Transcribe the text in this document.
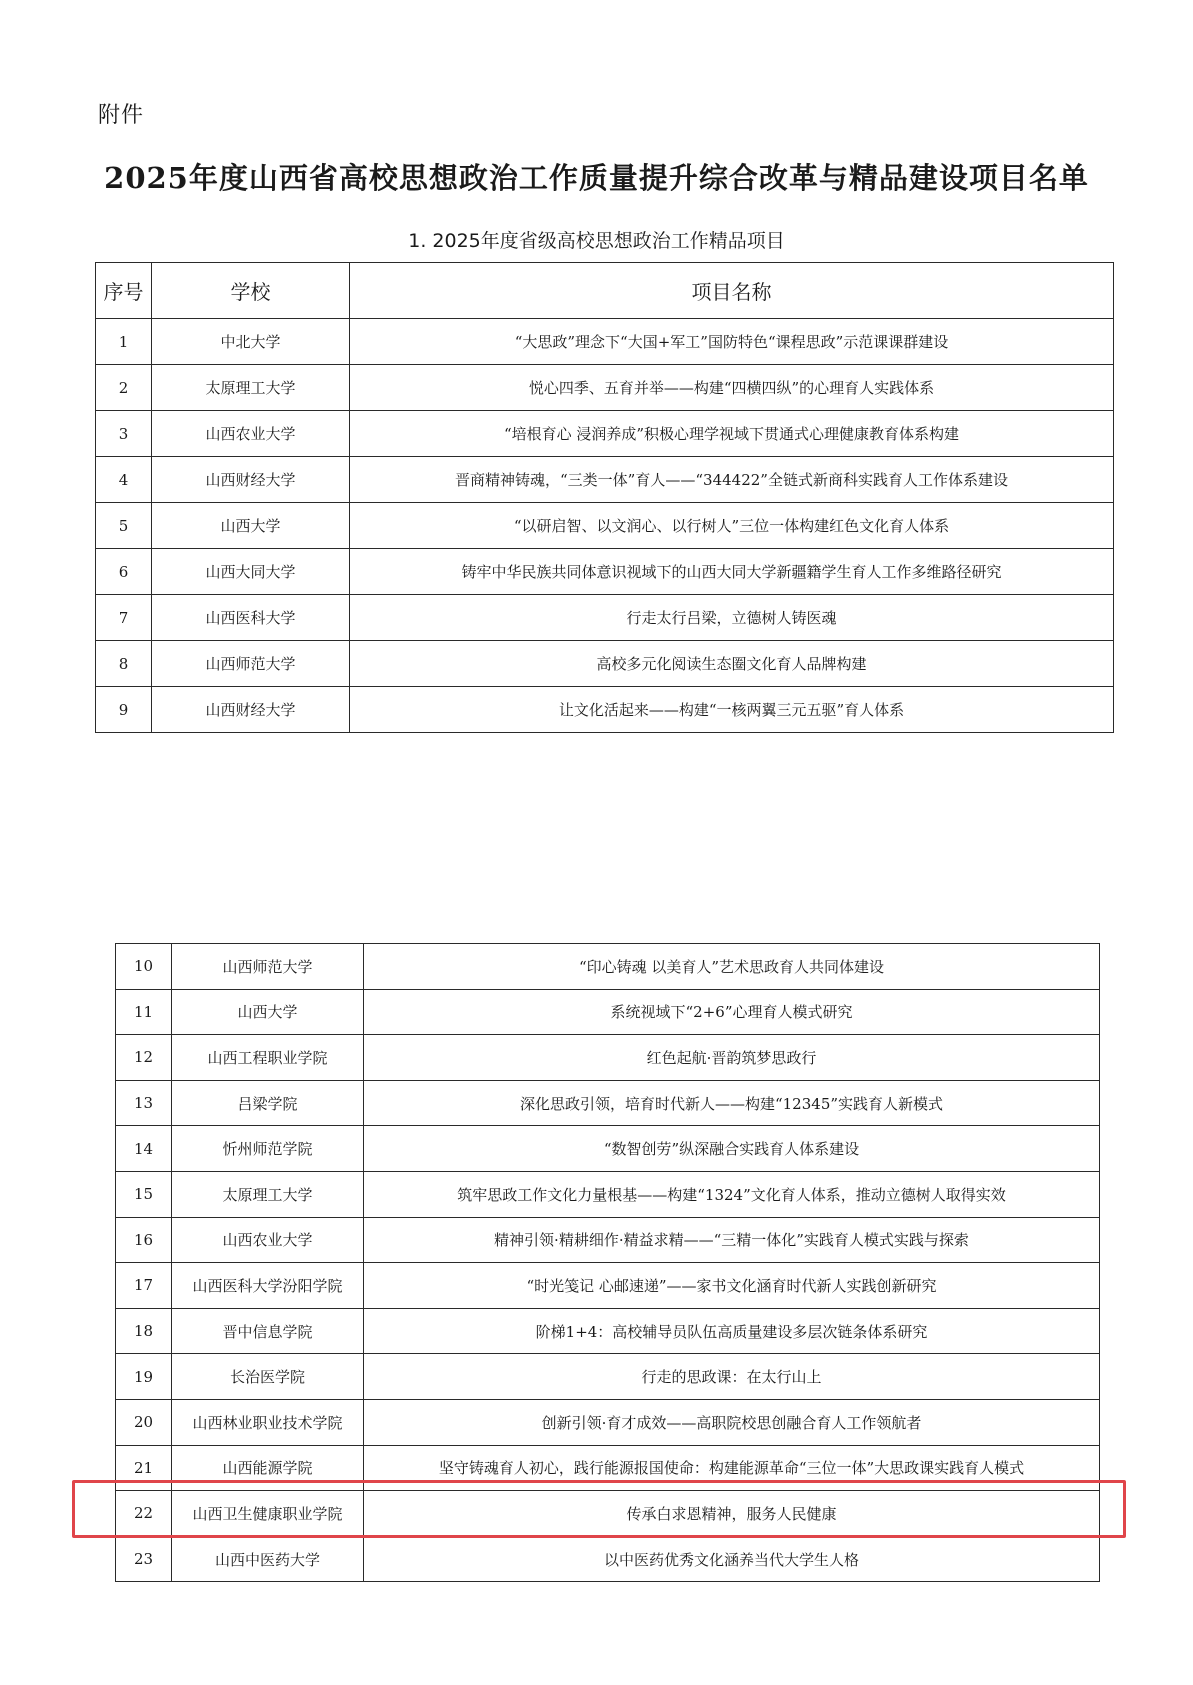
附件
2025年度山西省高校思想政治工作质量提升综合改革与精品建设项目名单
1. 2025年度省级高校思想政治工作精品项目
序号	学校	项目名称
1	中北大学	“大思政”理念下“大国+军工”国防特色“课程思政”示范课课群建设
2	太原理工大学	悦心四季、五育并举——构建“四横四纵”的心理育人实践体系
3	山西农业大学	“培根育心 浸润养成”积极心理学视域下贯通式心理健康教育体系构建
4	山西财经大学	晋商精神铸魂，“三类一体”育人——“344422”全链式新商科实践育人工作体系建设
5	山西大学	“以研启智、以文润心、以行树人”三位一体构建红色文化育人体系
6	山西大同大学	铸牢中华民族共同体意识视域下的山西大同大学新疆籍学生育人工作多维路径研究
7	山西医科大学	行走太行吕梁，立德树人铸医魂
8	山西师范大学	高校多元化阅读生态圈文化育人品牌构建
9	山西财经大学	让文化活起来——构建“一核两翼三元五驱”育人体系
10	山西师范大学	“印心铸魂 以美育人”艺术思政育人共同体建设
11	山西大学	系统视域下“2+6”心理育人模式研究
12	山西工程职业学院	红色起航·晋韵筑梦思政行
13	吕梁学院	深化思政引领，培育时代新人——构建“12345”实践育人新模式
14	忻州师范学院	“数智创劳”纵深融合实践育人体系建设
15	太原理工大学	筑牢思政工作文化力量根基——构建“1324”文化育人体系，推动立德树人取得实效
16	山西农业大学	精神引领·精耕细作·精益求精——“三精一体化”实践育人模式实践与探索
17	山西医科大学汾阳学院	“时光笺记 心邮速递”——家书文化涵育时代新人实践创新研究
18	晋中信息学院	阶梯1+4：高校辅导员队伍高质量建设多层次链条体系研究
19	长治医学院	行走的思政课：在太行山上
20	山西林业职业技术学院	创新引领·育才成效——高职院校思创融合育人工作领航者
21	山西能源学院	坚守铸魂育人初心，践行能源报国使命：构建能源革命“三位一体”大思政课实践育人模式
22	山西卫生健康职业学院	传承白求恩精神，服务人民健康
23	山西中医药大学	以中医药优秀文化涵养当代大学生人格
